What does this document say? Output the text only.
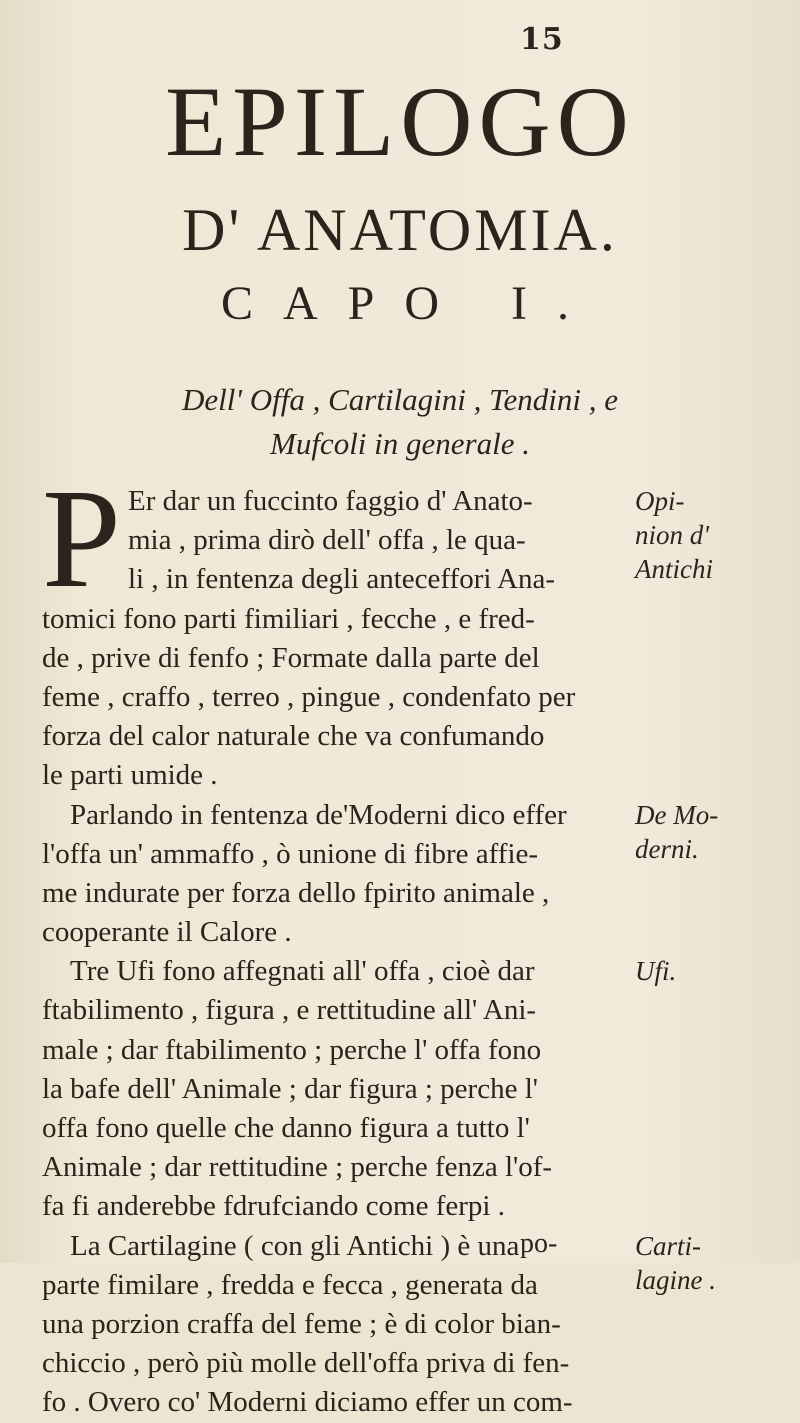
15
EPILOGO
D' ANATOMIA.
CAPO I.
Dell' Offa , Cartilagini , Tendini , e
Mufcoli in generale .
P Er dar un fuccinto faggio d' Anato-
mia , prima dirò dell' offa , le qua-
li , in fentenza degli anteceffori Ana-
tomici fono parti fimiliari , fecche , e fred-
de , prive di fenfo ; Formate dalla parte del
feme , craffo , terreo , pingue , condenfato per
forza del calor naturale che va confumando
le parti umide .
Parlando in fentenza de'Moderni dico effer
l'offa un' ammaffo , ò unione di fibre affie-
me indurate per forza dello fpirito animale ,
cooperante il Calore .
Tre Ufi fono affegnati all' offa , cioè dar
ftabilimento , figura , e rettitudine all' Ani-
male ; dar ftabilimento ; perche l' offa fono
la bafe dell' Animale ; dar figura ; perche l'
offa fono quelle che danno figura a tutto l'
Animale ; dar rettitudine ; perche fenza l'of-
fa fi anderebbe fdrufciando come ferpi .
La Cartilagine ( con gli Antichi ) è una
parte fimilare , fredda e fecca , generata da
una porzion craffa del feme ; è di color bian-
chiccio , però più molle dell'offa priva di fen-
fo . Overo co' Moderni diciamo effer un com-
Opi-
nion d'
Antichi
De Mo-
derni.
Ufi.
Carti-
lagine .
po-
